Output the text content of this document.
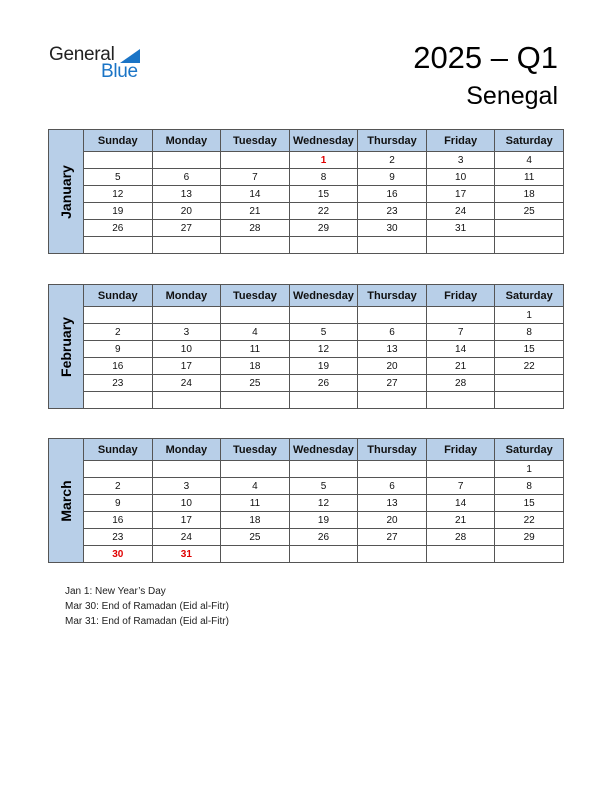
General
Blue	2025 – Q1
Senegal
January
Sunday	Monday	Tuesday	Wednesday	Thursday	Friday	Saturday
			1	2	3	4
5	6	7	8	9	10	11
12	13	14	15	16	17	18
19	20	21	22	23	24	25
26	27	28	29	30	31	

February
Sunday	Monday	Tuesday	Wednesday	Thursday	Friday	Saturday
						1
2	3	4	5	6	7	8
9	10	11	12	13	14	15
16	17	18	19	20	21	22
23	24	25	26	27	28	

March
Sunday	Monday	Tuesday	Wednesday	Thursday	Friday	Saturday
						1
2	3	4	5	6	7	8
9	10	11	12	13	14	15
16	17	18	19	20	21	22
23	24	25	26	27	28	29
30	31					
Jan 1: New Year’s Day
Mar 30: End of Ramadan (Eid al-Fitr)
Mar 31: End of Ramadan (Eid al-Fitr)
